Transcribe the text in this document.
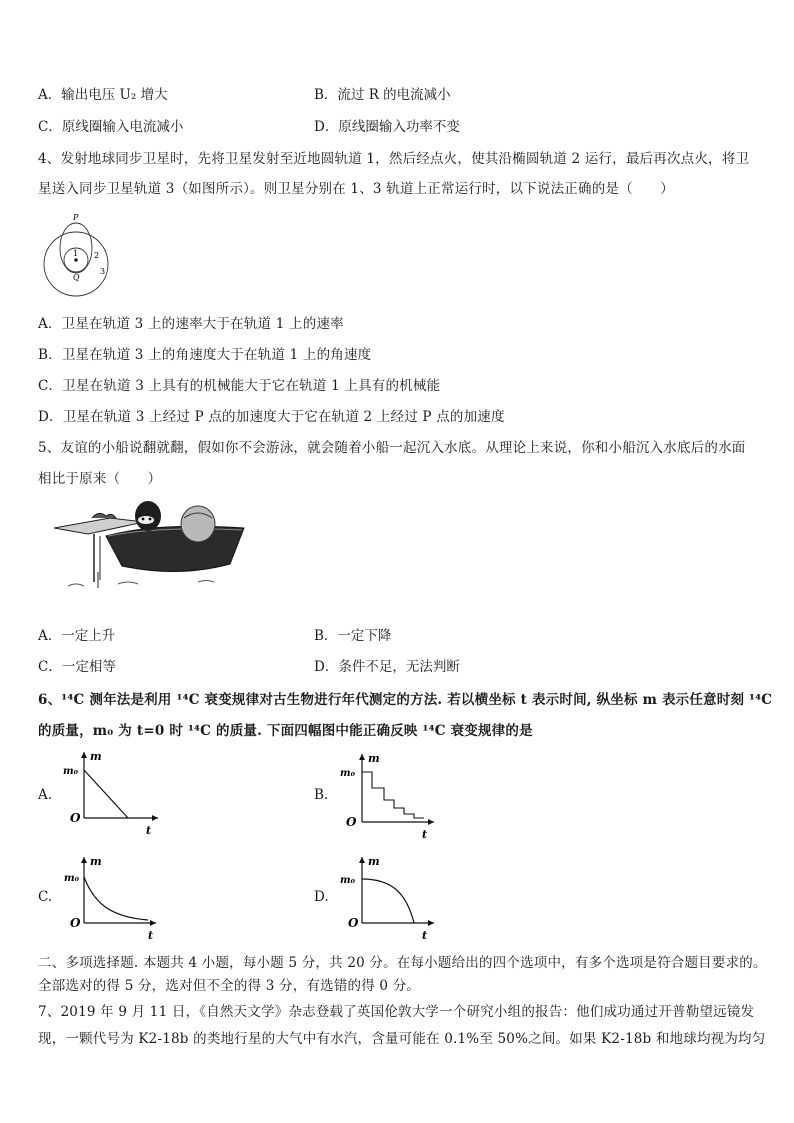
A．输出电压 U₂ 增大	B．流过 R 的电流减小
C．原线圈输入电流减小	D．原线圈输入功率不变
4、发射地球同步卫星时，先将卫星发射至近地圆轨道 1，然后经点火，使其沿椭圆轨道 2 运行，最后再次点火，将卫
星送入同步卫星轨道 3（如图所示）。则卫星分别在 1、3 轨道上正常运行时，以下说法正确的是（　　）
P
1
Q
2
3
A．卫星在轨道 3 上的速率大于在轨道 1 上的速率
B．卫星在轨道 3 上的角速度大于在轨道 1 上的角速度
C．卫星在轨道 3 上具有的机械能大于它在轨道 1 上具有的机械能
D．卫星在轨道 3 上经过 P 点的加速度大于它在轨道 2 上经过 P 点的加速度
5、友谊的小船说翻就翻，假如你不会游泳，就会随着小船一起沉入水底。从理论上来说，你和小船沉入水底后的水面
相比于原来（　　）
A．一定上升	B．一定下降
C．一定相等	D．条件不足，无法判断
6、¹⁴C 测年法是利用 ¹⁴C 衰变规律对古生物进行年代测定的方法. 若以横坐标 t 表示时间, 纵坐标 m 表示任意时刻 ¹⁴C
的质量，m₀ 为 t=0 时 ¹⁴C 的质量. 下面四幅图中能正确反映 ¹⁴C 衰变规律的是
A.
m
m₀
O
t
B.
m
m₀
O
t
C.
m
m₀
O
t
D.
m
m₀
O
t
二、多项选择题. 本题共 4 小题，每小题 5 分，共 20 分。在每小题给出的四个选项中，有多个选项是符合题目要求的。
全部选对的得 5 分，选对但不全的得 3 分，有选错的得 0 分。
7、2019 年 9 月 11 日，《自然天文学》杂志登载了英国伦敦大学一个研究小组的报告：他们成功通过开普勒望远镜发
现，一颗代号为 K2-18b 的类地行星的大气中有水汽，含量可能在 0.1%至 50%之间。如果 K2-18b 和地球均视为均匀
